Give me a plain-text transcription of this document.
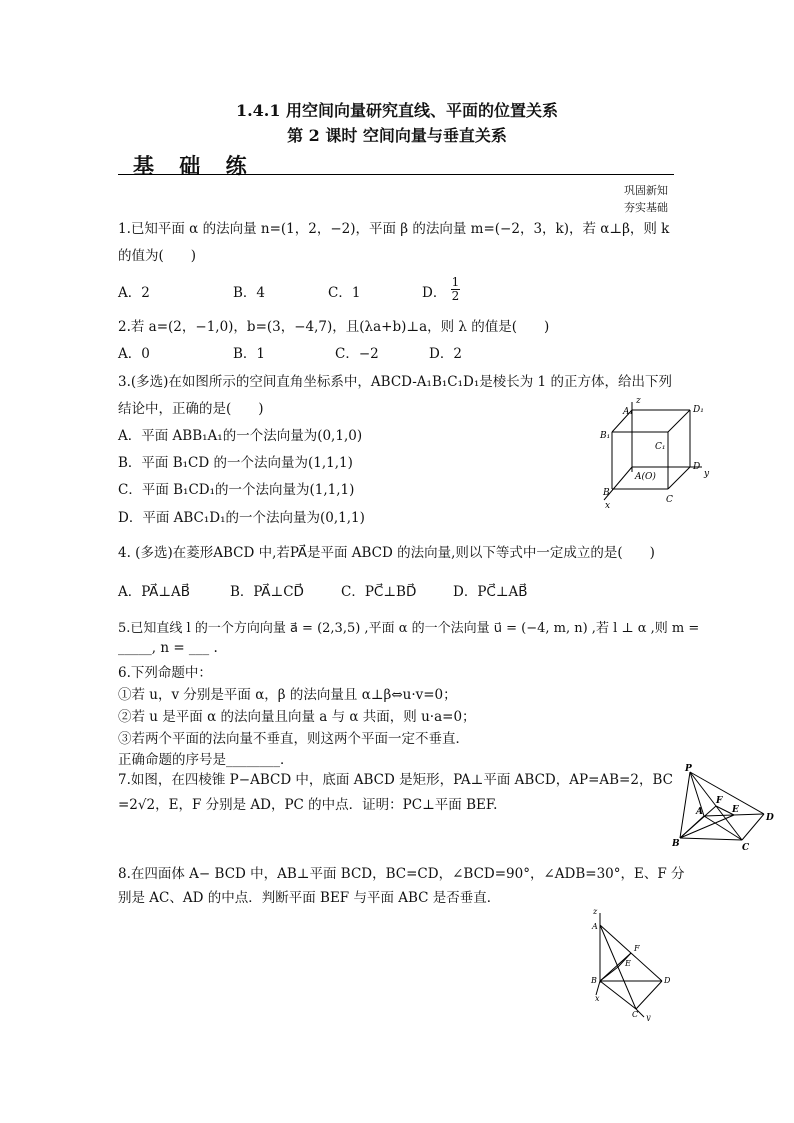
1.4.1 用空间向量研究直线、平面的位置关系
第 2 课时 空间向量与垂直关系
基 础 练
巩固新知
夯实基础
1.已知平面 α 的法向量 n=(1，2，−2)，平面 β 的法向量 m=(−2，3，k)，若 α⊥β，则 k
的值为(　　)
A．2	B．4	C．1	D． $\frac{1}{2}$
2.若 a=(2，−1,0)，b=(3，−4,7)，且(λa+b)⊥a，则 λ 的值是(　　)
A．0	B．1	C．−2	D．2
3.(多选)在如图所示的空间直角坐标系中，ABCD-A₁B₁C₁D₁是棱长为 1 的正方体，给出下列
结论中，正确的是(　　)
A．平面 ABB₁A₁的一个法向量为(0,1,0)
B．平面 B₁CD 的一个法向量为(1,1,1)
C．平面 B₁CD₁的一个法向量为(1,1,1)
D．平面 ABC₁D₁的一个法向量为(0,1,1)
A₁
z
D₁
B₁
C₁
D
y
A(O)
B
x
C
4. (多选)在菱形ABCD 中,若PA⃗是平面 ABCD 的法向量,则以下等式中一定成立的是(　　)
A．PA⃗⊥AB⃗	B．PA⃗⊥CD⃗	C．PC⃗⊥BD⃗	D．PC⃗⊥AB⃗
5.已知直线 l 的一个方向向量 a⃗ = (2,3,5) ,平面 α 的一个法向量 u⃗ = (−4, m, n) ,若 l ⊥ α ,则 m =
_____, n = ___ .
6.下列命题中：
①若 u，v 分别是平面 α，β 的法向量且 α⊥β⇔u·v=0；
②若 u 是平面 α 的法向量且向量 a 与 α 共面，则 u·a=0；
③若两个平面的法向量不垂直，则这两个平面一定不垂直．
正确命题的序号是________．
7.如图，在四棱锥 P−ABCD 中，底面 ABCD 是矩形，PA⊥平面 ABCD，AP=AB=2，BC
=2√2，E，F 分别是 AD，PC 的中点．证明：PC⊥平面 BEF.
P
A
F
E
D
B	C
8.在四面体 A− BCD 中，AB⊥平面 BCD，BC=CD，∠BCD=90°，∠ADB=30°，E、F 分
别是 AC、AD 的中点．判断平面 BEF 与平面 ABC 是否垂直．
z
A
F
E
B	D
x
C y
